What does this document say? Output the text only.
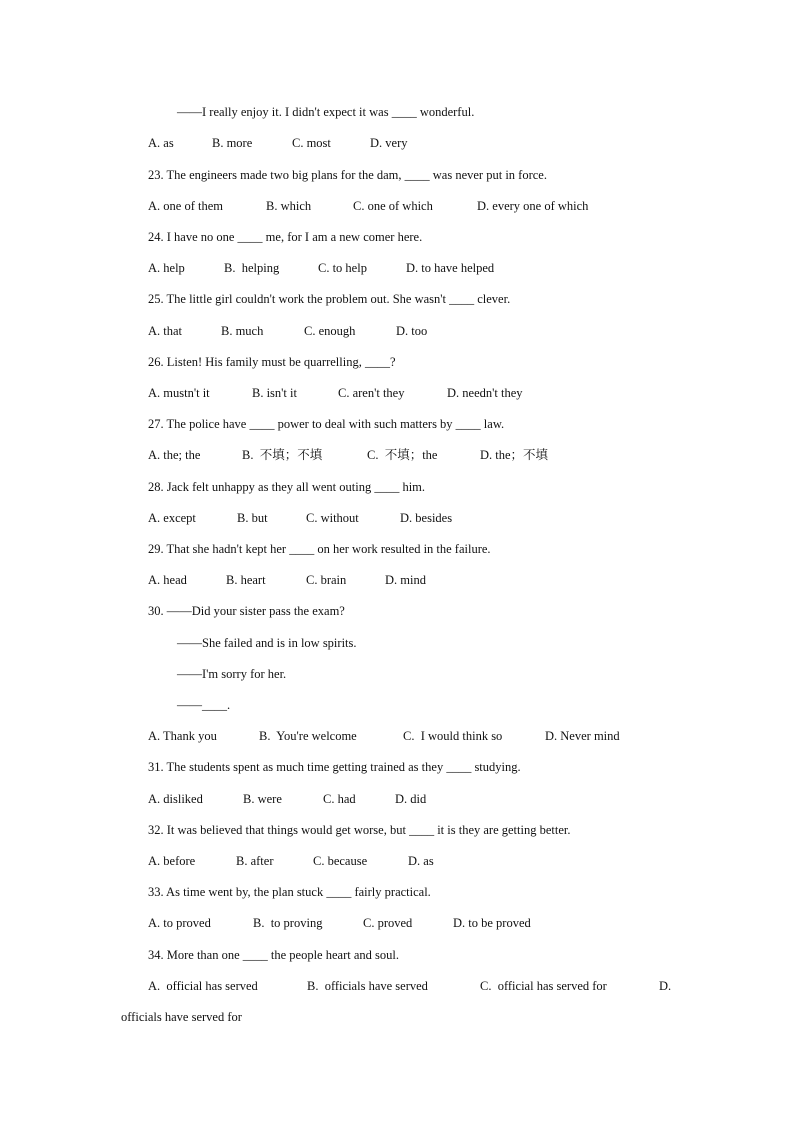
——I really enjoy it. I didn't expect it was ____ wonderful.
A. as	B. more	C. most	D. very
23. The engineers made two big plans for the dam, ____ was never put in force.
A. one of them	B. which	C. one of which	D. every one of which
24. I have no one ____ me, for I am a new comer here.
A. help	B.  helping	C. to help	D. to have helped
25. The little girl couldn't work the problem out. She wasn't ____ clever.
A. that	B. much	C. enough	D. too
26. Listen! His family must be quarrelling, ____?
A. mustn't it	B. isn't it	C. aren't they	D. needn't they
27. The police have ____ power to deal with such matters by ____ law.
A. the; the	B.  不填；不填	C.  不填；the	D. the；不填
28. Jack felt unhappy as they all went outing ____ him.
A. except	B. but	C. without	D. besides
29. That she hadn't kept her ____ on her work resulted in the failure.
A. head	B. heart	C. brain	D. mind
30. ——Did your sister pass the exam?
——She failed and is in low spirits.
——I'm sorry for her.
——____.
A. Thank you	B.  You're welcome	C.  I would think so	D. Never mind
31. The students spent as much time getting trained as they ____ studying.
A. disliked	B. were	C. had	D. did
32. It was believed that things would get worse, but ____ it is they are getting better.
A. before	B. after	C. because	D. as
33. As time went by, the plan stuck ____ fairly practical.
A. to proved	B.  to proving	C. proved	D. to be proved
34. More than one ____ the people heart and soul.
A.  official has served	B.  officials have served	C.  official has served for	D.
officials have served for
